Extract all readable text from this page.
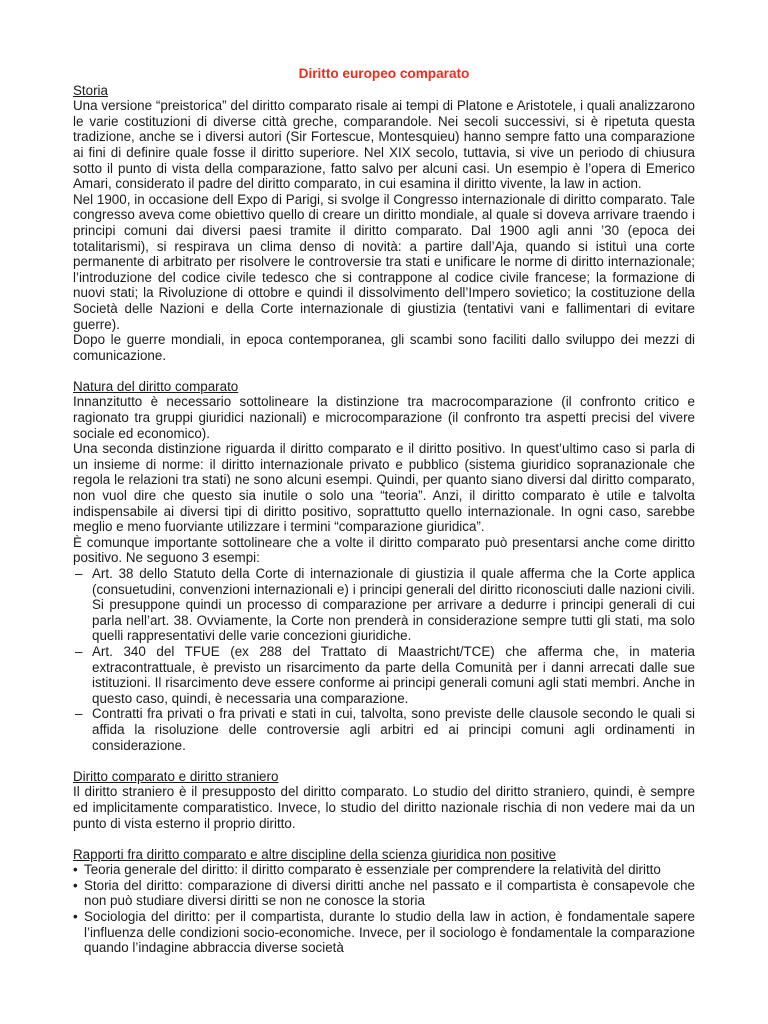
Diritto europeo comparato
Storia

Una versione “preistorica” del diritto comparato risale ai tempi di Platone e Aristotele, i quali analizzarono le varie costituzioni di diverse città greche, comparandole. Nei secoli successivi, si è ripetuta questa tradizione, anche se i diversi autori (Sir Fortescue, Montesquieu) hanno sempre fatto una comparazione ai fini di definire quale fosse il diritto superiore. Nel XIX secolo, tuttavia, si vive un periodo di chiusura sotto il punto di vista della comparazione, fatto salvo per alcuni casi. Un esempio è l’opera di Emerico Amari, considerato il padre del diritto comparato, in cui esamina il diritto vivente, la law in action.

Nel 1900, in occasione dell Expo di Parigi, si svolge il Congresso internazionale di diritto comparato. Tale congresso aveva come obiettivo quello di creare un diritto mondiale, al quale si doveva arrivare traendo i principi comuni dai diversi paesi tramite il diritto comparato. Dal 1900 agli anni ’30 (epoca dei totalitarismi), si respirava un clima denso di novità: a partire dall’Aja, quando si istituì una corte permanente di arbitrato per risolvere le controversie tra stati e unificare le norme di diritto internazionale; l’introduzione del codice civile tedesco che si contrappone al codice civile francese; la formazione di nuovi stati; la Rivoluzione di ottobre e quindi il dissolvimento dell’Impero sovietico; la costituzione della Società delle Nazioni e della Corte internazionale di giustizia (tentativi vani e fallimentari di evitare guerre).

Dopo le guerre mondiali, in epoca contemporanea, gli scambi sono faciliti dallo sviluppo dei mezzi di comunicazione.

Natura del diritto comparato

Innanzitutto è necessario sottolineare la distinzione tra macrocomparazione (il confronto critico e ragionato tra gruppi giuridici nazionali) e microcomparazione (il confronto tra aspetti precisi del vivere sociale ed economico).

Una seconda distinzione riguarda il diritto comparato e il diritto positivo. In quest’ultimo caso si parla di un insieme di norme: il diritto internazionale privato e pubblico (sistema giuridico sopranazionale che regola le relazioni tra stati) ne sono alcuni esempi. Quindi, per quanto siano diversi dal diritto comparato, non vuol dire che questo sia inutile o solo una “teoria”. Anzi, il diritto comparato è utile e talvolta indispensabile ai diversi tipi di diritto positivo, soprattutto quello internazionale. In ogni caso, sarebbe meglio e meno fuorviante utilizzare i termini “comparazione giuridica”.

È comunque importante sottolineare che a volte il diritto comparato può presentarsi anche come diritto positivo. Ne seguono 3 esempi:

– Art. 38 dello Statuto della Corte di internazionale di giustizia il quale afferma che la Corte applica (consuetudini, convenzioni internazionali e) i principi generali del diritto riconosciuti dalle nazioni civili. Si presuppone quindi un processo di comparazione per arrivare a dedurre i principi generali di cui parla nell’art. 38. Ovviamente, la Corte non prenderà in considerazione sempre tutti gli stati, ma solo quelli rappresentativi delle varie concezioni giuridiche.
– Art. 340 del TFUE (ex 288 del Trattato di Maastricht/TCE) che afferma che, in materia extracontrattuale, è previsto un risarcimento da parte della Comunità per i danni arrecati dalle sue istituzioni. Il risarcimento deve essere conforme ai principi generali comuni agli stati membri. Anche in questo caso, quindi, è necessaria una comparazione.
– Contratti fra privati o fra privati e stati in cui, talvolta, sono previste delle clausole secondo le quali si affida la risoluzione delle controversie agli arbitri ed ai principi comuni agli ordinamenti in considerazione.
Diritto comparato e diritto straniero

Il diritto straniero è il presupposto del diritto comparato. Lo studio del diritto straniero, quindi, è sempre ed implicitamente comparatistico. Invece, lo studio del diritto nazionale rischia di non vedere mai da un punto di vista esterno il proprio diritto.

Rapporti fra diritto comparato e altre discipline della scienza giuridica non positive
• Teoria generale del diritto: il diritto comparato è essenziale per comprendere la relatività del diritto
• Storia del diritto: comparazione di diversi diritti anche nel passato e il compartista è consapevole che non può studiare diversi diritti se non ne conosce la storia
• Sociologia del diritto: per il compartista, durante lo studio della law in action, è fondamentale sapere l’influenza delle condizioni socio-economiche. Invece, per il sociologo è fondamentale la comparazione quando l’indagine abbraccia diverse società
